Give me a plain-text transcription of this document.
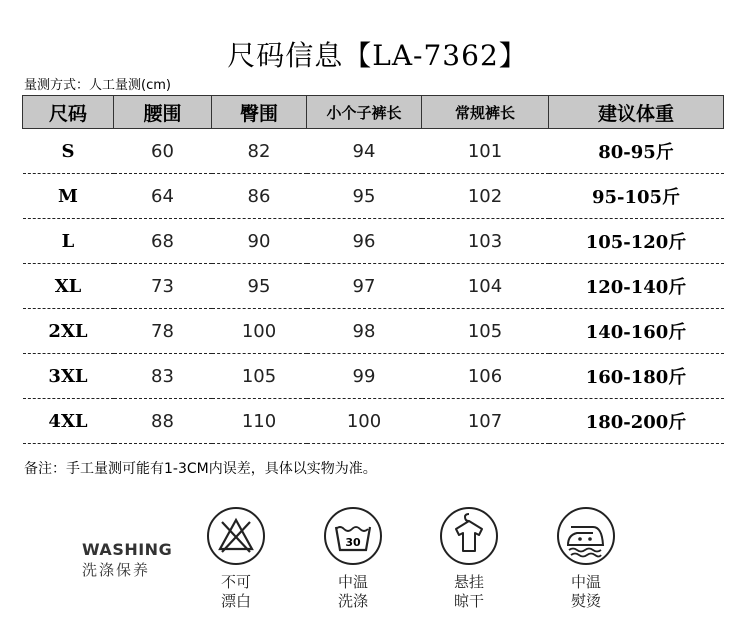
尺码信息【LA-7362】
量测方式：人工量测(cm)
尺码	腰围	臀围	小个子裤长	常规裤长	建议体重
S	60	82	94	101	80-95斤
M	64	86	95	102	95-105斤
L	68	90	96	103	105-120斤
XL	73	95	97	104	120-140斤
2XL	78	100	98	105	140-160斤
3XL	83	105	99	106	160-180斤
4XL	88	110	100	107	180-200斤
备注：手工量测可能有1-3CM内误差，具体以实物为准。
WASHING
洗涤保养
不可
漂白
30
中温
洗涤
悬挂
晾干
中温
熨烫
